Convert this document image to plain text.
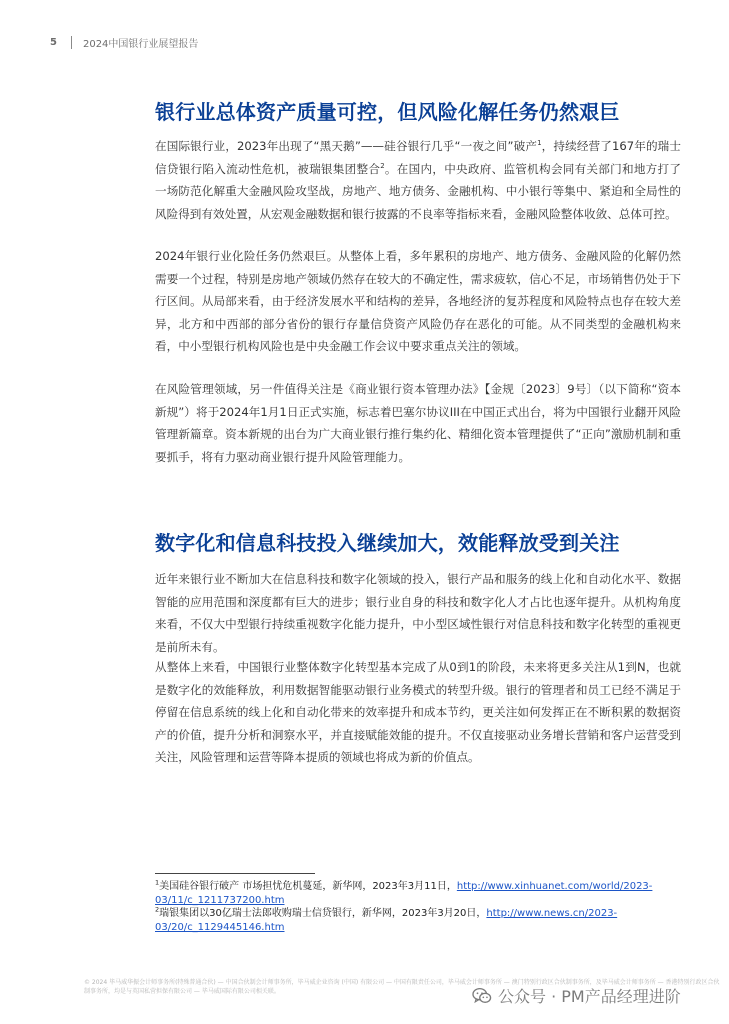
5	2024中国银行业展望报告
银行业总体资产质量可控，但风险化解任务仍然艰巨

在国际银行业，2023年出现了“黑天鹅”——硅谷银行几乎“一夜之间”破产$^1$，持续经营了167年的瑞士信贷银行陷入流动性危机，被瑞银集团整合$^2$。在国内，中央政府、监管机构会同有关部门和地方打了一场防范化解重大金融风险攻坚战，房地产、地方债务、金融机构、中小银行等集中、紧迫和全局性的风险得到有效处置，从宏观金融数据和银行披露的不良率等指标来看，金融风险整体收敛、总体可控。

2024年银行业化险任务仍然艰巨。从整体上看，多年累积的房地产、地方债务、金融风险的化解仍然需要一个过程，特别是房地产领域仍然存在较大的不确定性，需求疲软，信心不足，市场销售仍处于下行区间。从局部来看，由于经济发展水平和结构的差异，各地经济的复苏程度和风险特点也存在较大差异，北方和中西部的部分省份的银行存量信贷资产风险仍存在恶化的可能。从不同类型的金融机构来看，中小型银行机构风险也是中央金融工作会议中要求重点关注的领域。

在风险管理领域，另一件值得关注是《商业银行资本管理办法》【金规〔2023〕9号〕（以下简称“资本新规”）将于2024年1月1日正式实施，标志着巴塞尔协议III在中国正式出台，将为中国银行业翻开风险管理新篇章。资本新规的出台为广大商业银行推行集约化、精细化资本管理提供了“正向”激励机制和重要抓手，将有力驱动商业银行提升风险管理能力。

数字化和信息科技投入继续加大，效能释放受到关注

近年来银行业不断加大在信息科技和数字化领域的投入，银行产品和服务的线上化和自动化水平、数据智能的应用范围和深度都有巨大的进步；银行业自身的科技和数字化人才占比也逐年提升。从机构角度来看，不仅大中型银行持续重视数字化能力提升，中小型区域性银行对信息科技和数字化转型的重视更是前所未有。

从整体上来看，中国银行业整体数字化转型基本完成了从0到1的阶段，未来将更多关注从1到N，也就是数字化的效能释放，利用数据智能驱动银行业务模式的转型升级。银行的管理者和员工已经不满足于停留在信息系统的线上化和自动化带来的效率提升和成本节约，更关注如何发挥正在不断积累的数据资产的价值，提升分析和洞察水平，并直接赋能效能的提升。不仅直接驱动业务增长营销和客户运营受到关注，风险管理和运营等降本提质的领域也将成为新的价值点。

$^1$美国硅谷银行破产 市场担忧危机蔓延，新华网，2023年3月11日，http://www.xinhuanet.com/world/2023-03/11/c_1211737200.htm
$^2$瑞银集团以30亿瑞士法郎收购瑞士信贷银行，新华网，2023年3月20日，http://www.news.cn/2023-03/20/c_1129445146.htm

© 2024 毕马威华振会计师事务所(特殊普通合伙) — 中国合伙制会计师事务所，毕马威企业咨询 (中国) 有限公司 — 中国有限责任公司，毕马威会计师事务所 — 澳门特别行政区合伙制事务所，及毕马威会计师事务所 — 香港特别行政区合伙制事务所，均是与英国私营担保有限公司 — 毕马威国际有限公司相关联。	公众号 · PM产品经理进阶
